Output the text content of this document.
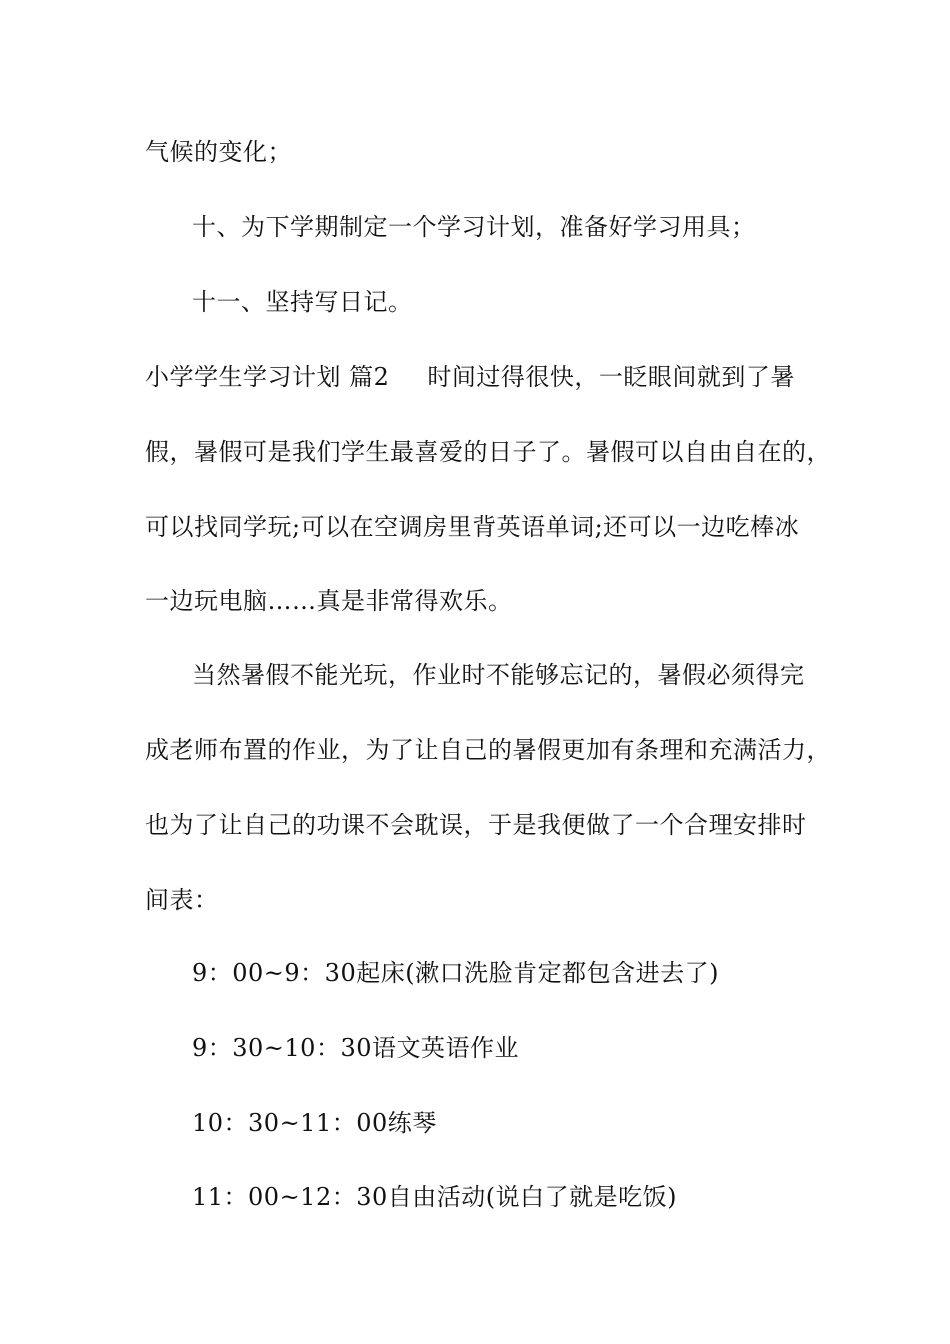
气候的变化；
十、为下学期制定一个学习计划，准备好学习用具；
十一、坚持写日记。
小学学生学习计划 篇2 时间过得很快，一眨眼间就到了暑
假，暑假可是我们学生最喜爱的日子了。暑假可以自由自在的，
可以找同学玩;可以在空调房里背英语单词;还可以一边吃棒冰
一边玩电脑……真是非常得欢乐。
当然暑假不能光玩，作业时不能够忘记的，暑假必须得完
成老师布置的作业，为了让自己的暑假更加有条理和充满活力，
也为了让自己的功课不会耽误，于是我便做了一个合理安排时
间表：
9：00~9：30起床(漱口洗脸肯定都包含进去了)
9：30~10：30语文英语作业
10：30~11：00练琴
11：00~12：30自由活动(说白了就是吃饭)
